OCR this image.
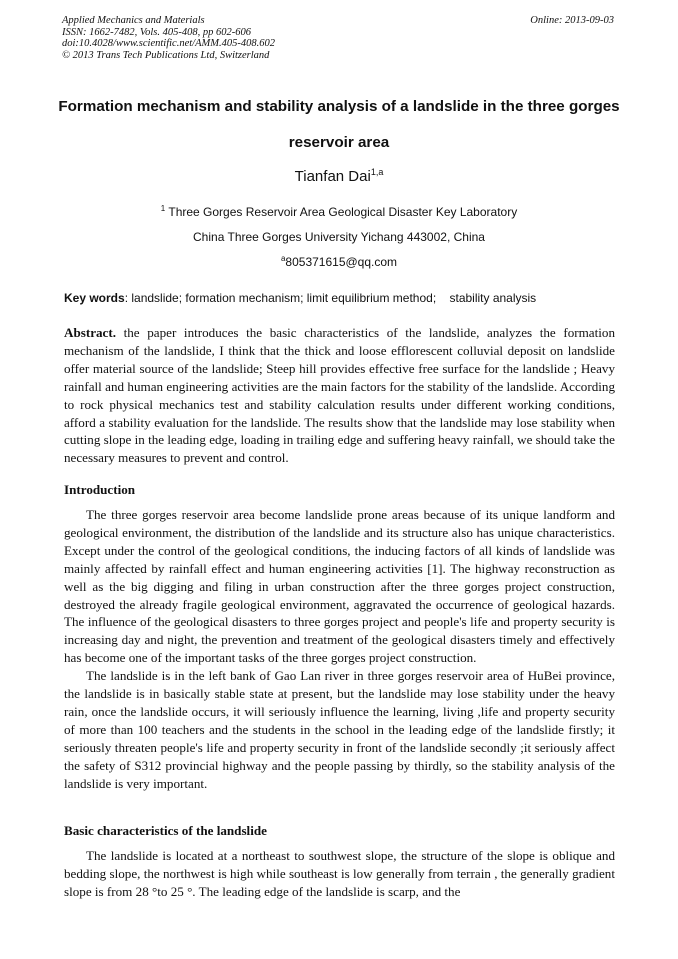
Applied Mechanics and Materials
ISSN: 1662-7482, Vols. 405-408, pp 602-606
doi:10.4028/www.scientific.net/AMM.405-408.602
© 2013 Trans Tech Publications Ltd, Switzerland
Online: 2013-09-03
Formation mechanism and stability analysis of a landslide in the three gorges reservoir area
Tianfan Dai$^{1,a}$
$^1$ Three Gorges Reservoir Area Geological Disaster Key Laboratory
China Three Gorges University Yichang 443002, China
$^a$805371615@qq.com
Key words: landslide; formation mechanism; limit equilibrium method;    stability analysis

Abstract. the paper introduces the basic characteristics of the landslide, analyzes the formation mechanism of the landslide, I think that the thick and loose efflorescent colluvial deposit on landslide offer material source of the landslide; Steep hill provides effective free surface for the landslide ; Heavy rainfall and human engineering activities are the main factors for the stability of the landslide. According to rock physical mechanics test and stability calculation results under different working conditions, afford a stability evaluation for the landslide. The results show that the landslide may lose stability when cutting slope in the leading edge, loading in trailing edge and suffering heavy rainfall, we should take the necessary measures to prevent and control.

Introduction

The three gorges reservoir area become landslide prone areas because of its unique landform and geological environment, the distribution of the landslide and its structure also has unique characteristics. Except under the control of the geological conditions, the inducing factors of all kinds of landslide was mainly affected by rainfall effect and human engineering activities [1]. The highway reconstruction as well as the big digging and filing in urban construction after the three gorges project construction, destroyed the already fragile geological environment, aggravated the occurrence of geological hazards. The influence of the geological disasters to three gorges project and people's life and property security is increasing day and night, the prevention and treatment of the geological disasters timely and effectively has become one of the important tasks of the three gorges project construction.

The landslide is in the left bank of Gao Lan river in three gorges reservoir area of HuBei province, the landslide is in basically stable state at present, but the landslide may lose stability under the heavy rain, once the landslide occurs, it will seriously influence the learning, living ,life and property security of more than 100 teachers and the students in the school in the leading edge of the landslide firstly; it seriously threaten people's life and property security in front of the landslide secondly ;it seriously affect the safety of S312 provincial highway and the people passing by thirdly, so the stability analysis of the landslide is very important.

Basic characteristics of the landslide

The landslide is located at a northeast to southwest slope, the structure of the slope is oblique and bedding slope, the northwest is high while southeast is low generally from terrain , the generally gradient slope is from 28 °to 25 °. The leading edge of the landslide is scarp, and the
